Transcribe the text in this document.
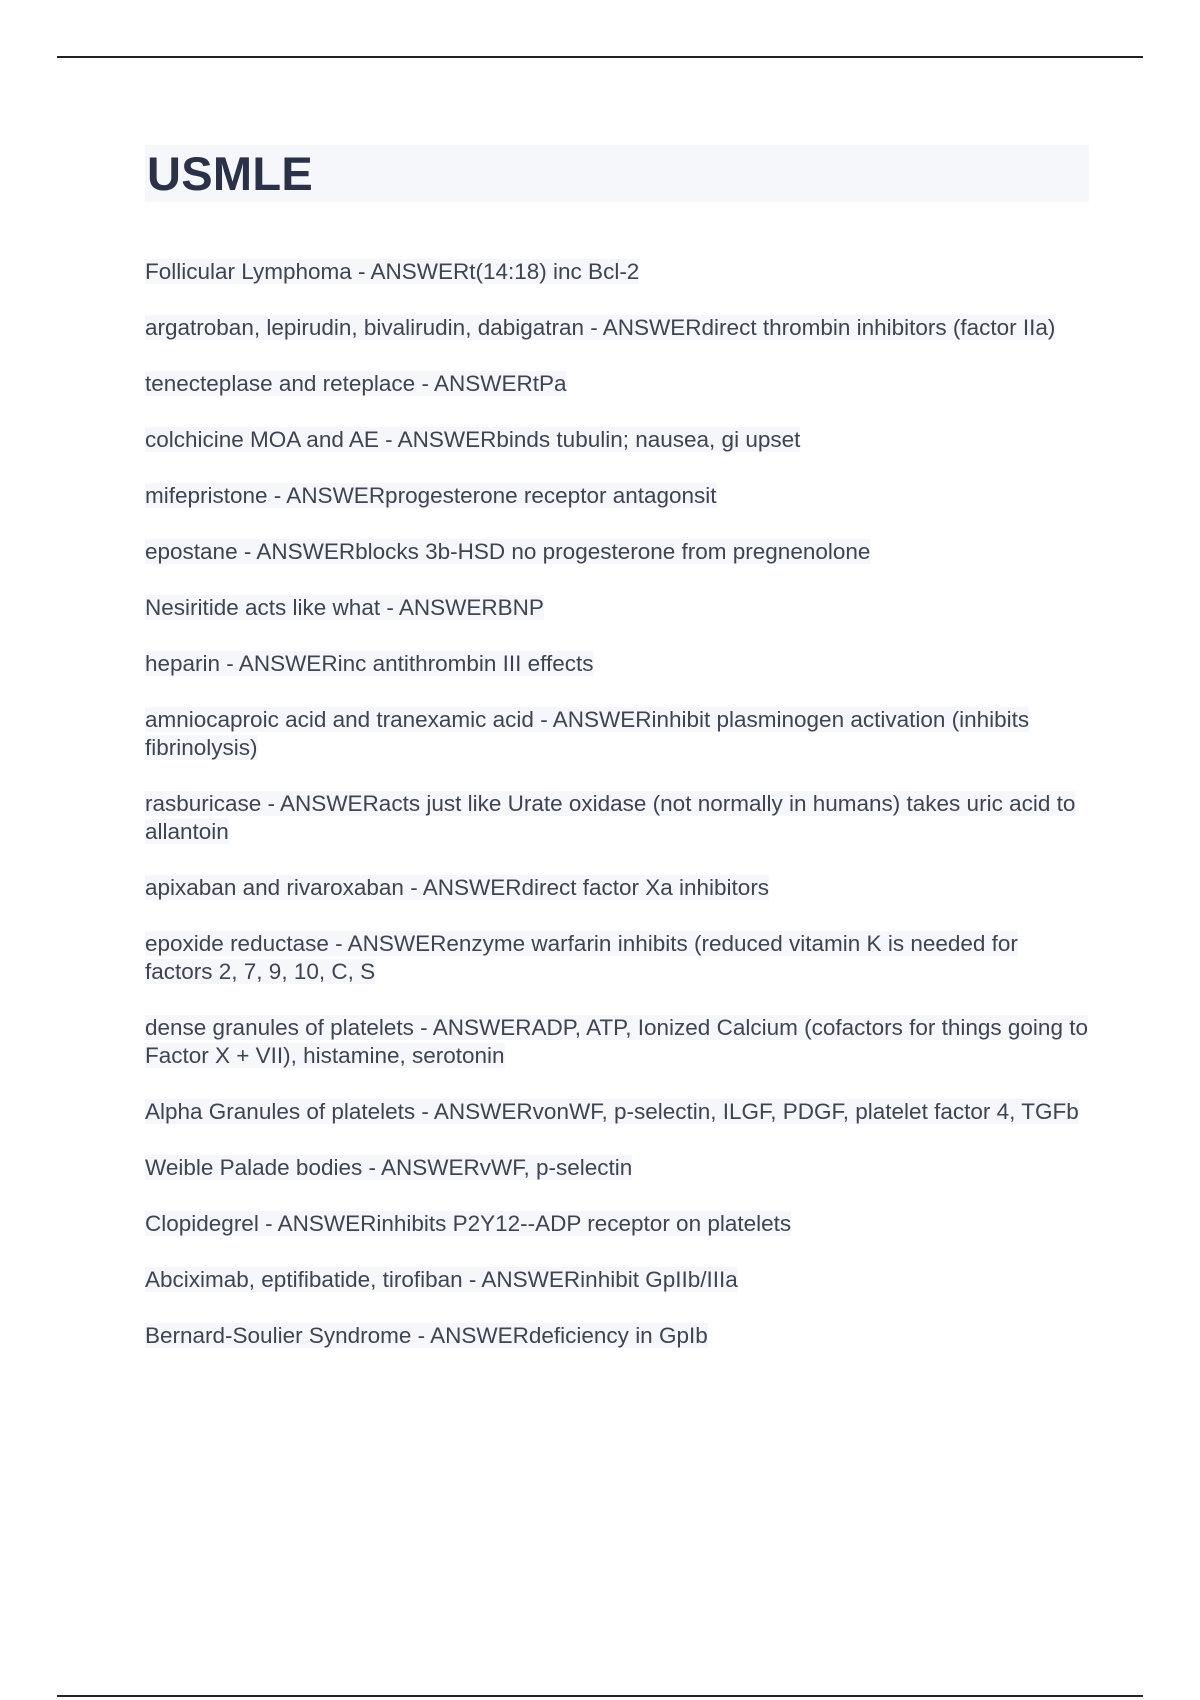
USMLE

Follicular Lymphoma - ANSWERt(14:18) inc Bcl-2

argatroban, lepirudin, bivalirudin, dabigatran - ANSWERdirect thrombin inhibitors (factor IIa)

tenecteplase and reteplace - ANSWERtPa

colchicine MOA and AE - ANSWERbinds tubulin; nausea, gi upset

mifepristone - ANSWERprogesterone receptor antagonsit

epostane - ANSWERblocks 3b-HSD no progesterone from pregnenolone

Nesiritide acts like what - ANSWERBNP

heparin - ANSWERinc antithrombin III effects

amniocaproic acid and tranexamic acid - ANSWERinhibit plasminogen activation (inhibits fibrinolysis)

rasburicase - ANSWERacts just like Urate oxidase (not normally in humans) takes uric acid to allantoin

apixaban and rivaroxaban - ANSWERdirect factor Xa inhibitors

epoxide reductase - ANSWERenzyme warfarin inhibits (reduced vitamin K is needed for factors 2, 7, 9, 10, C, S

dense granules of platelets - ANSWERADP, ATP, Ionized Calcium (cofactors for things going to Factor X + VII), histamine, serotonin

Alpha Granules of platelets - ANSWERvonWF, p-selectin, ILGF, PDGF, platelet factor 4, TGFb

Weible Palade bodies - ANSWERvWF, p-selectin

Clopidegrel - ANSWERinhibits P2Y12--ADP receptor on platelets

Abciximab, eptifibatide, tirofiban - ANSWERinhibit GpIIb/IIIa

Bernard-Soulier Syndrome - ANSWERdeficiency in GpIb
